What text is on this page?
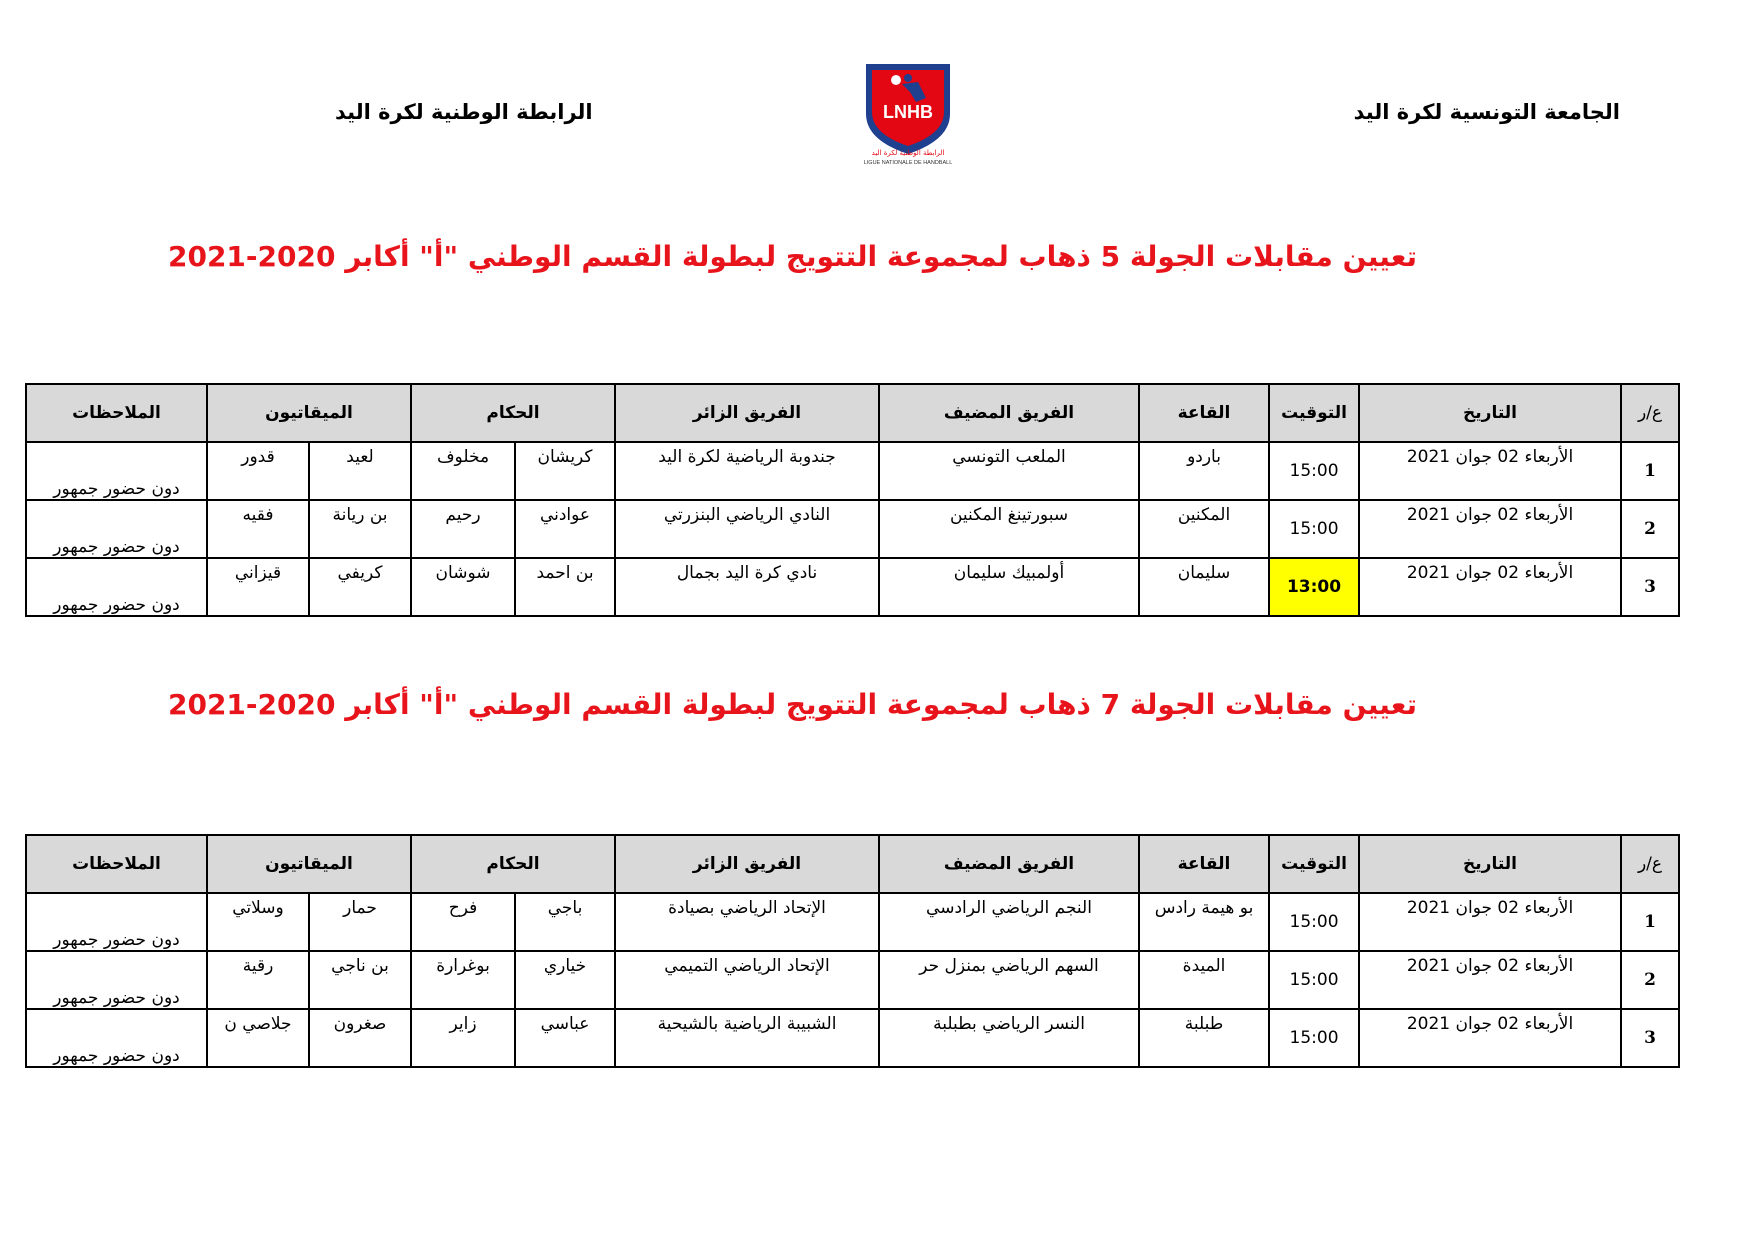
الجامعة التونسية لكرة اليد
الرابطة الوطنية لكرة اليد	LNHB
الرابطة الوطنية لكرة اليد
LIGUE NATIONALE DE HANDBALL
تعيين مقابلات الجولة 5 ذهاب لمجموعة التتويج لبطولة القسم الوطني "أ" أكابر 2020-2021
ع/ر	التاريخ	التوقيت	القاعة	الفريق المضيف	الفريق الزائر	الحكام		الميقاتيون		الملاحظات
1	الأربعاء 02 جوان 2021	15:00	باردو	الملعب التونسي	جندوبة الرياضية لكرة اليد	كريشان	مخلوف	لعيد	قدور	دون حضور جمهور
2	الأربعاء 02 جوان 2021	15:00	المكنين	سبورتينغ المكنين	النادي الرياضي البنزرتي	عوادني	رحيم	بن ريانة	فقيه	دون حضور جمهور
3	الأربعاء 02 جوان 2021	13:00	سليمان	أولمبيك سليمان	نادي كرة اليد بجمال	بن احمد	شوشان	كريفي	قيزاني	دون حضور جمهور
تعيين مقابلات الجولة 7 ذهاب لمجموعة التتويج لبطولة القسم الوطني "أ" أكابر 2020-2021
ع/ر	التاريخ	التوقيت	القاعة	الفريق المضيف	الفريق الزائر	الحكام		الميقاتيون		الملاحظات
1	الأربعاء 02 جوان 2021	15:00	بو هيمة رادس	النجم الرياضي الرادسي	الإتحاد الرياضي بصيادة	باجي	فرح	حمار	وسلاتي	دون حضور جمهور
2	الأربعاء 02 جوان 2021	15:00	الميدة	السهم الرياضي بمنزل حر	الإتحاد الرياضي التميمي	خياري	بوغرارة	بن ناجي	رقية	دون حضور جمهور
3	الأربعاء 02 جوان 2021	15:00	طبلبة	النسر الرياضي بطبلبة	الشبيبة الرياضية بالشيحية	عباسي	زاير	صغرون	جلاصي ن	دون حضور جمهور
